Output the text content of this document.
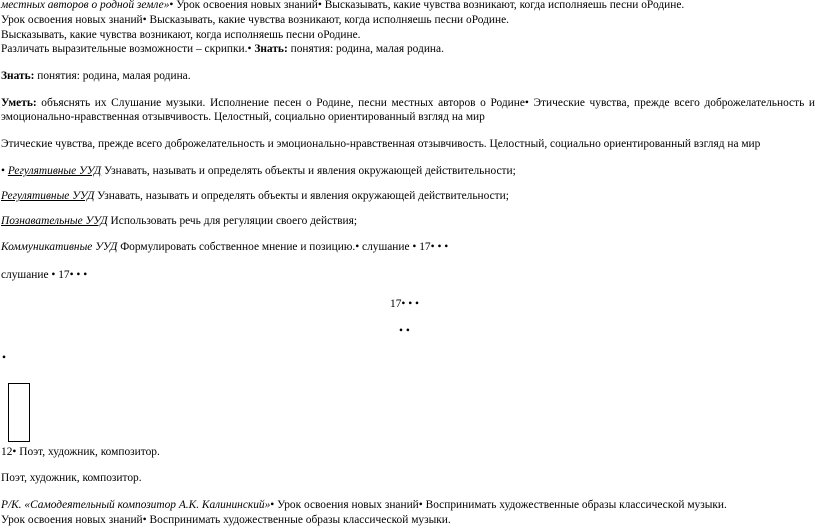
местных авторов о родной земле»• Урок освоения новых знаний• Высказывать, какие чувства возникают, когда исполняешь песни оРодине.
Урок освоения новых знаний• Высказывать, какие чувства возникают, когда исполняешь песни оРодине.
Высказывать, какие чувства возникают, когда исполняешь песни оРодине.
Различать выразительные возможности – скрипки.• Знать: понятия: родина, малая родина.
Знать: понятия: родина, малая родина.
Уметь: объяснять их Слушание музыки. Исполнение песен о Родине, песни местных авторов о Родине• Этические чувства, прежде всего доброжелательность и
эмоционально-нравственная отзывчивость. Целостный, социально ориентированный взгляд на мир
Этические чувства, прежде всего доброжелательность и эмоционально-нравственная отзывчивость. Целостный, социально ориентированный взгляд на мир
• Регулятивные УУД Узнавать, называть и определять объекты и явления окружающей действительности;
Регулятивные УУД Узнавать, называть и определять объекты и явления окружающей действительности;
Познавательные УУД Использовать речь для регуляции своего действия;
Коммуникативные УУД Формулировать собственное мнение и позицию.• слушание • 17• • •
слушание • 17• • •
17• • •
• •
•
12• Поэт, художник, композитор.
Поэт, художник, композитор.
Р/К. «Самодеятельный композитор А.К. Калининский»• Урок освоения новых знаний• Воспринимать художественные образы классической музыки.
Урок освоения новых знаний• Воспринимать художественные образы классической музыки.
